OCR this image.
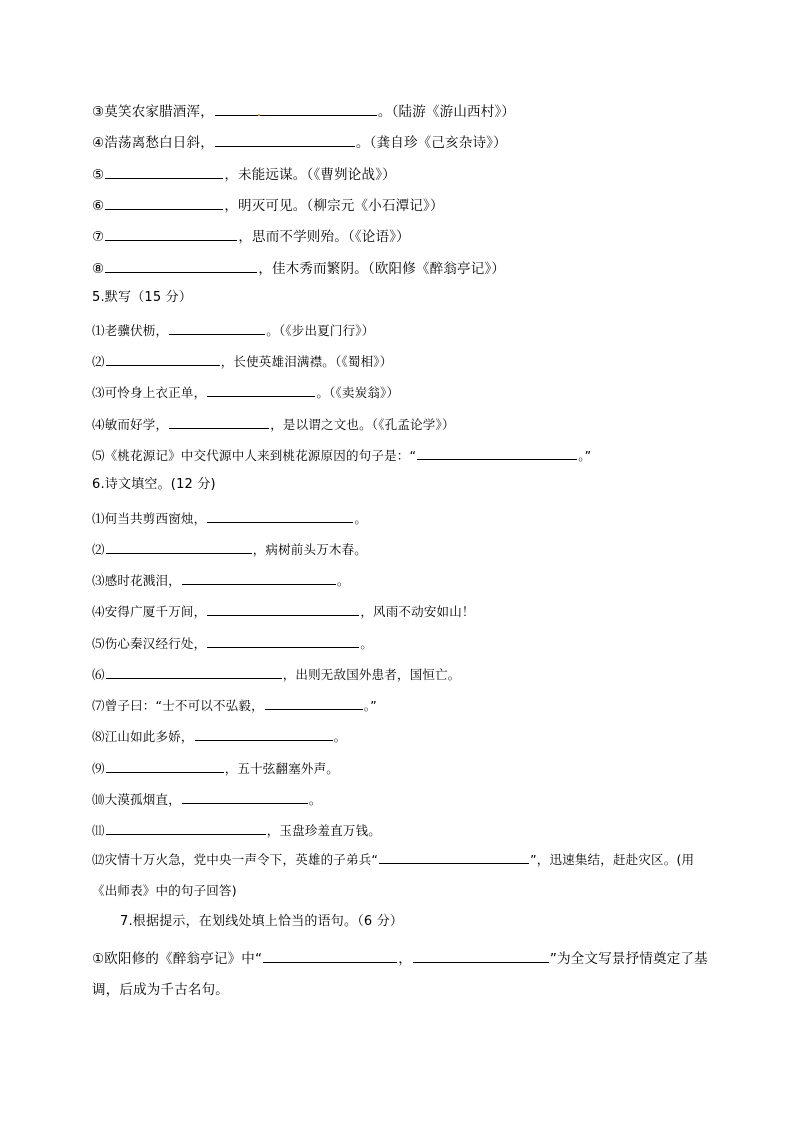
③莫笑农家腊酒浑，	。（陆游《游山西村》）
④浩荡离愁白日斜，	。（龚自珍《己亥杂诗》）
⑤	，未能远谋。（《曹刿论战》）
⑥	，明灭可见。（柳宗元《小石潭记》）
⑦	，思而不学则殆。（《论语》）
⑧	，佳木秀而繁阴。（欧阳修《醉翁亭记》）
5.默写（15 分）
⑴老骥伏枥，	。（《步出夏门行》）
⑵	，长使英雄泪满襟。（《蜀相》）
⑶可怜身上衣正单，	。（《卖炭翁》）
⑷敏而好学，	，是以谓之文也。（《孔孟论学》）
⑸《桃花源记》中交代源中人来到桃花源原因的句子是：“	。”
6.诗文填空。(12 分)
⑴何当共剪西窗烛，	。
⑵	，病树前头万木春。
⑶感时花溅泪，	。
⑷安得广厦千万间，	，风雨不动安如山！
⑸伤心秦汉经行处，	。
⑹	，出则无敌国外患者，国恒亡。
⑺曾子曰：“士不可以不弘毅，	。”
⑻江山如此多娇，	。
⑼	，五十弦翻塞外声。
⑽大漠孤烟直，	。
⑾	，玉盘珍羞直万钱。
⑿灾情十万火急，党中央一声令下，英雄的子弟兵“	”，迅速集结，赶赴灾区。(用《出师表》中的句子回答)
7.根据提示，在划线处填上恰当的语句。（6 分）
①欧阳修的《醉翁亭记》中“	，	”为全文写景抒情奠定了基调，后成为千古名句。
